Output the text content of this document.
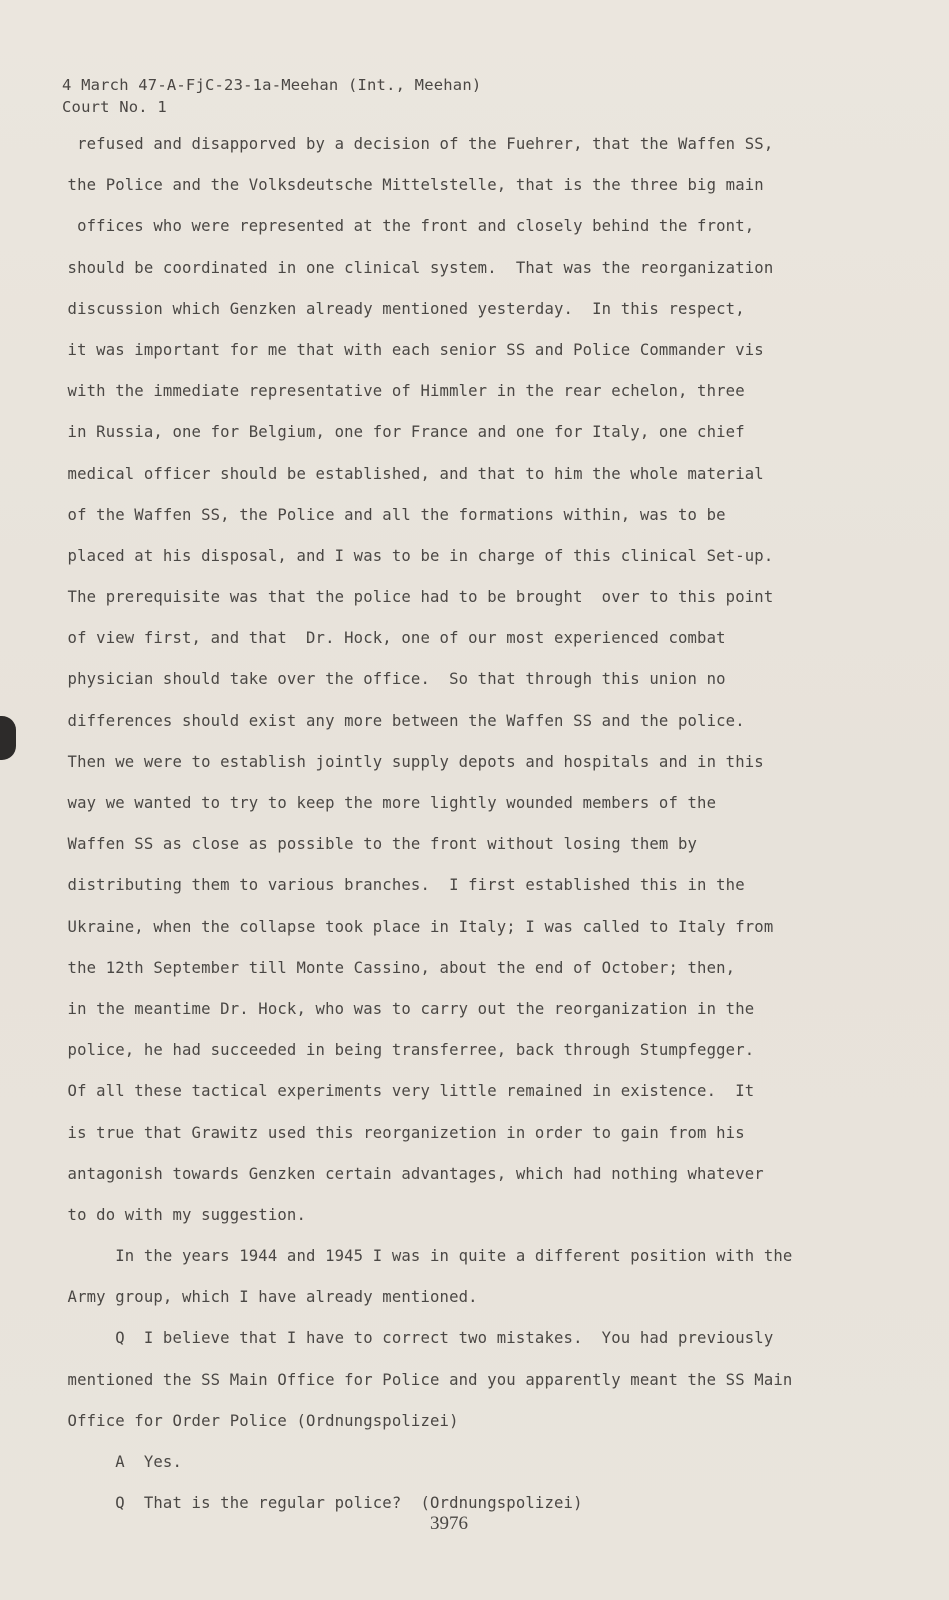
4 March 47-A-FjC-23-1a-Meehan (Int., Meehan)
Court No. 1
refused and disapporved by a decision of the Fuehrer, that the Waffen SS,
the Police and the Volksdeutsche Mittelstelle, that is the three big main
offices who were represented at the front and closely behind the front,
should be coordinated in one clinical system.  That was the reorganization
discussion which Genzken already mentioned yesterday.  In this respect,
it was important for me that with each senior SS and Police Commander vis
with the immediate representative of Himmler in the rear echelon, three
in Russia, one for Belgium, one for France and one for Italy, one chief
medical officer should be established, and that to him the whole material
of the Waffen SS, the Police and all the formations within, was to be
placed at his disposal, and I was to be in charge of this clinical Set-up.
The prerequisite was that the police had to be brought  over to this point
of view first, and that  Dr. Hock, one of our most experienced combat
physician should take over the office.  So that through this union no
differences should exist any more between the Waffen SS and the police.
Then we were to establish jointly supply depots and hospitals and in this
way we wanted to try to keep the more lightly wounded members of the
Waffen SS as close as possible to the front without losing them by
distributing them to various branches.  I first established this in the
Ukraine, when the collapse took place in Italy; I was called to Italy from
the 12th September till Monte Cassino, about the end of October; then,
in the meantime Dr. Hock, who was to carry out the reorganization in the
police, he had succeeded in being transferree, back through Stumpfegger.
Of all these tactical experiments very little remained in existence.  It
is true that Grawitz used this reorganizetion in order to gain from his
antagonish towards Genzken certain advantages, which had nothing whatever
to do with my suggestion.
In the years 1944 and 1945 I was in quite a different position with the
Army group, which I have already mentioned.
Q  I believe that I have to correct two mistakes.  You had previously
mentioned the SS Main Office for Police and you apparently meant the SS Main
Office for Order Police (Ordnungspolizei)
A  Yes.
Q  That is the regular police?  (Ordnungspolizei)
3976
